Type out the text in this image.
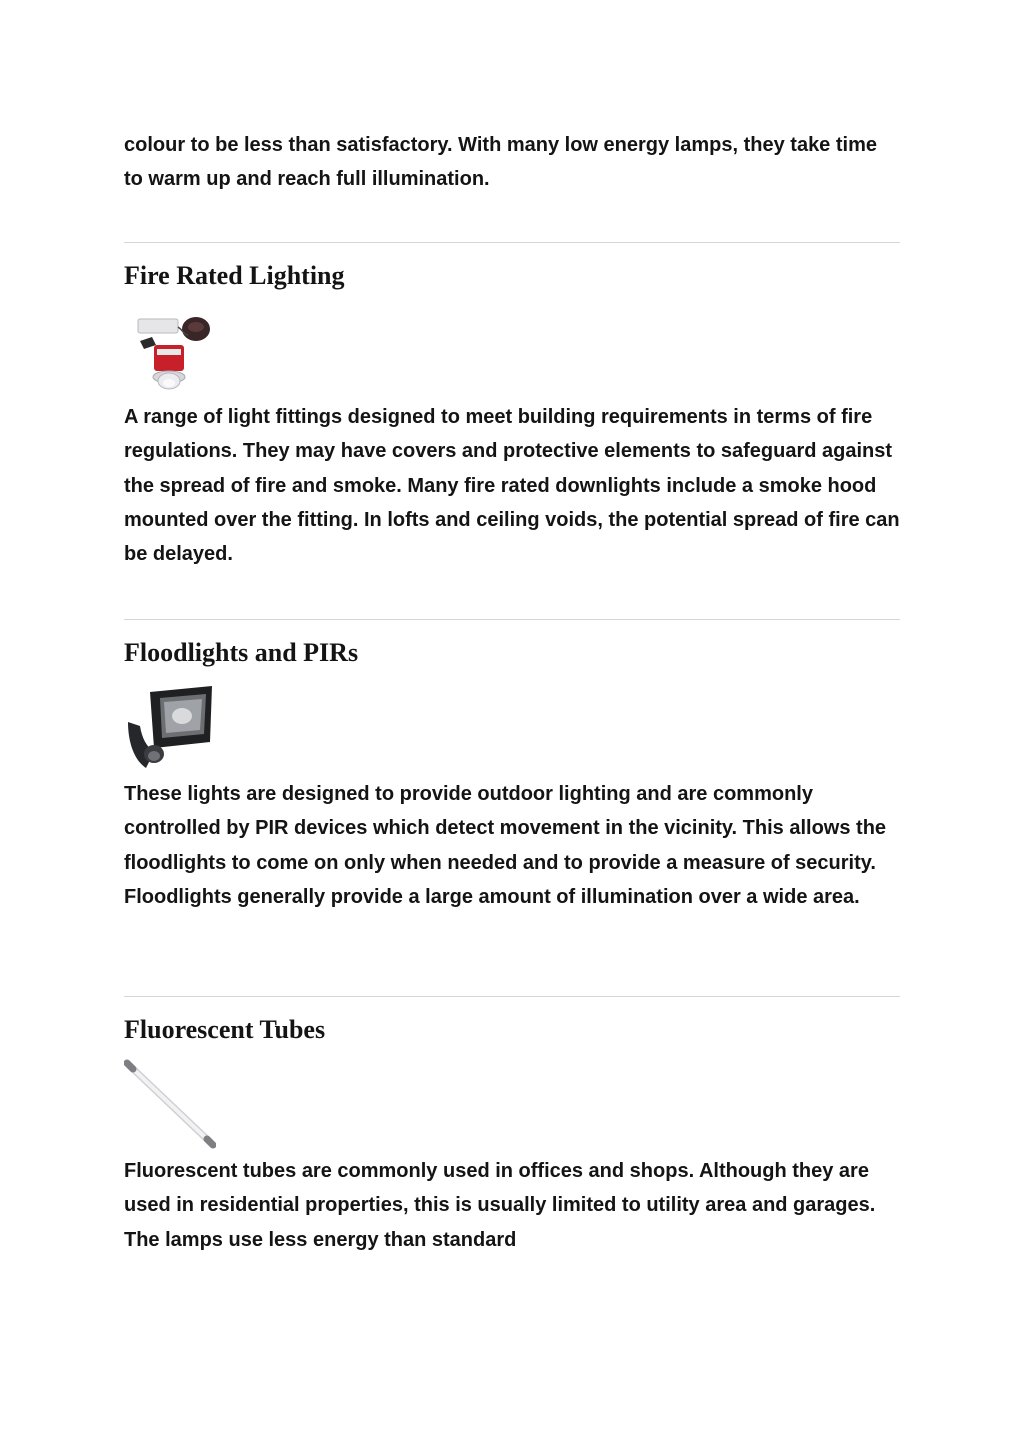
colour to be less than satisfactory. With many low energy lamps, they take time to warm up and reach full illumination.

Fire Rated Lighting

A range of light fittings designed to meet building requirements in terms of fire regulations. They may have covers and protective elements to safeguard against the spread of fire and smoke. Many fire rated downlights include a smoke hood mounted over the fitting. In lofts and ceiling voids, the potential spread of fire can be delayed.

Floodlights and PIRs

These lights are designed to provide outdoor lighting and are commonly controlled by PIR devices which detect movement in the vicinity. This allows the floodlights to come on only when needed and to provide a measure of security. Floodlights generally provide a large amount of illumination over a wide area.

Fluorescent Tubes

Fluorescent tubes are commonly used in offices and shops. Although they are used in residential properties, this is usually limited to utility area and garages. The lamps use less energy than standard
